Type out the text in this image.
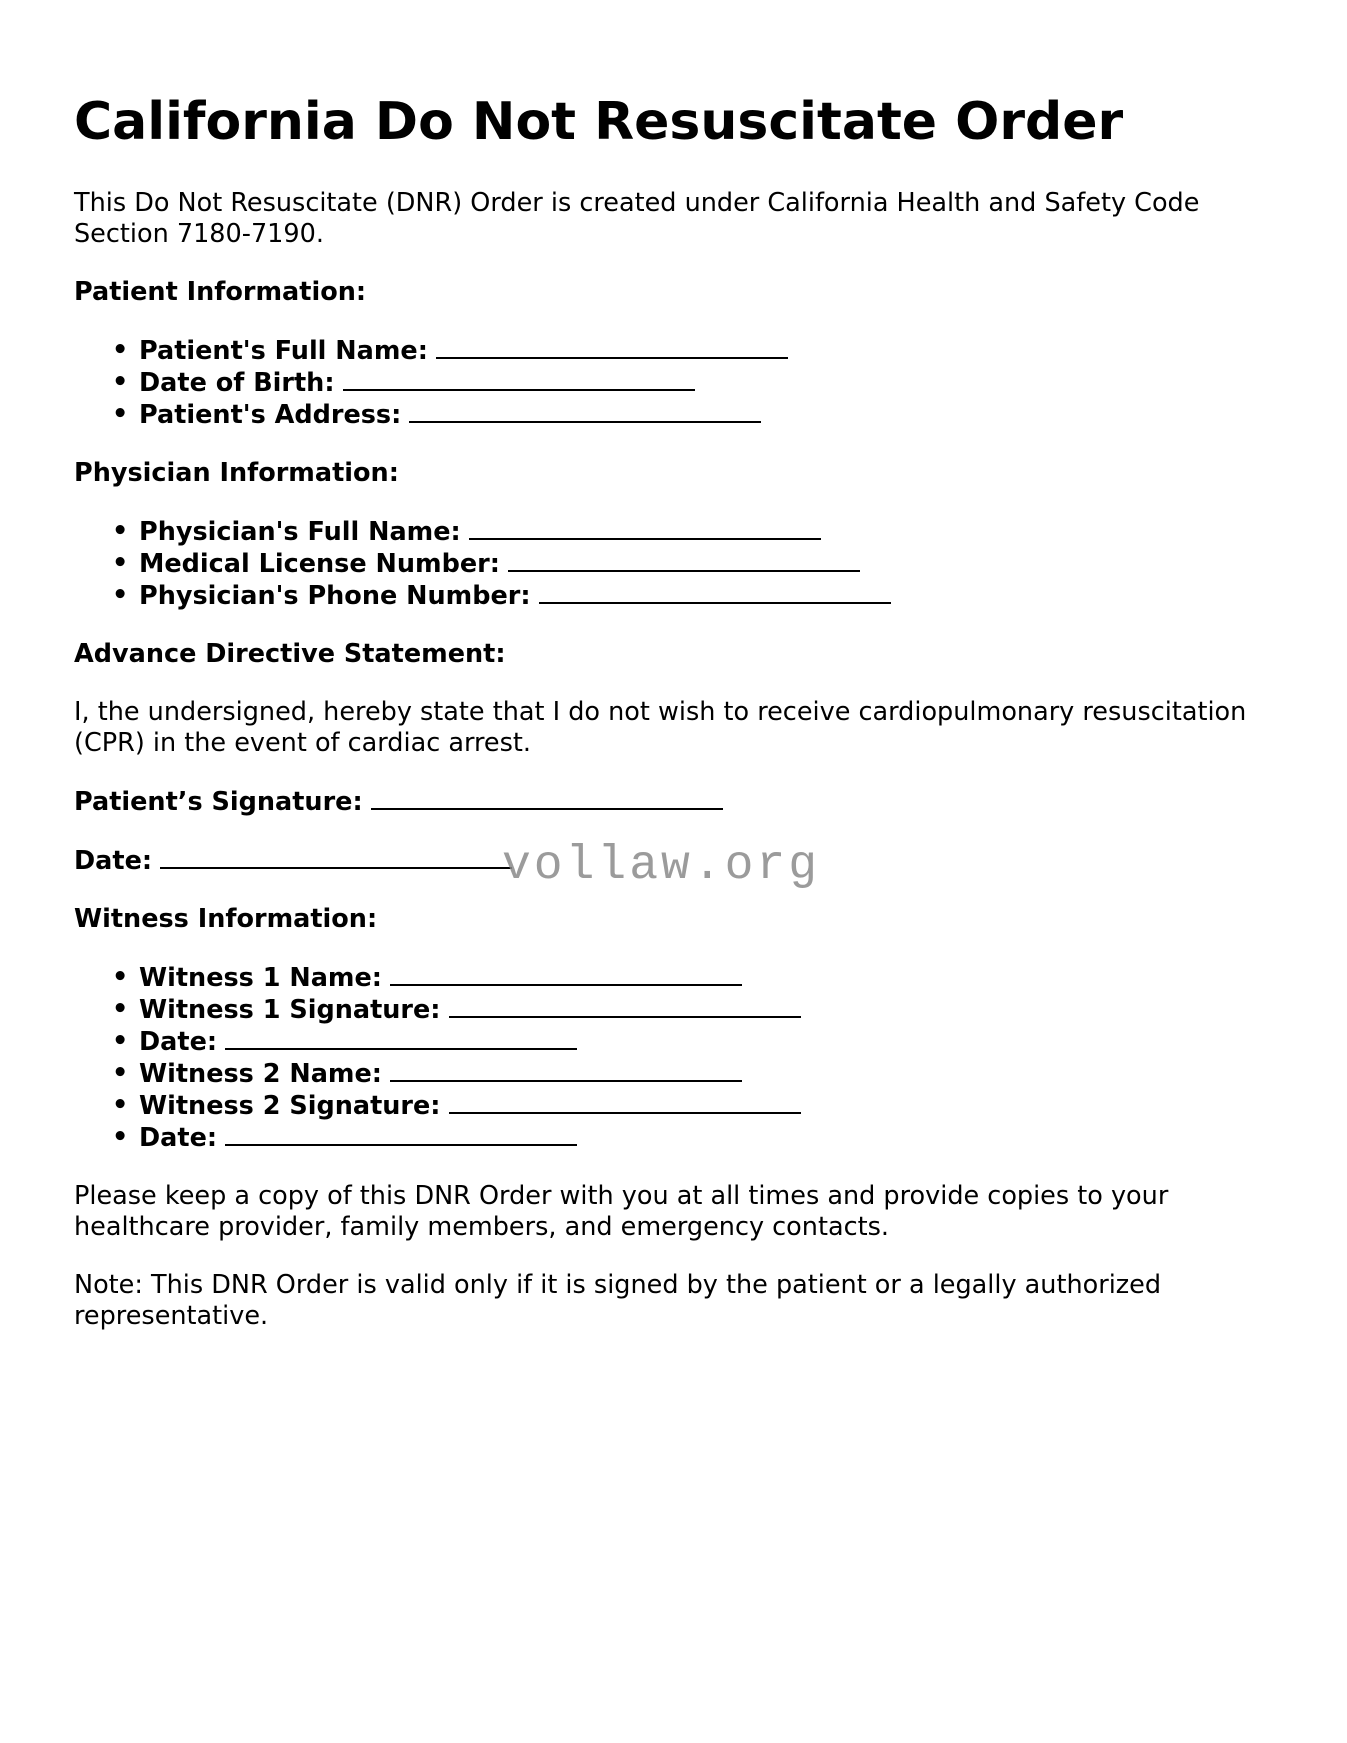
California Do Not Resuscitate Order

This Do Not Resuscitate (DNR) Order is created under California Health and Safety Code Section 7180-7190.

Patient Information:
• Patient's Full Name:
• Date of Birth:
• Patient's Address:
Physician Information:
• Physician's Full Name:
• Medical License Number:
• Physician's Phone Number:
Advance Directive Statement:

I, the undersigned, hereby state that I do not wish to receive cardiopulmonary resuscitation (CPR) in the event of cardiac arrest.

Patient’s Signature:
Date:
Witness Information:
• Witness 1 Name:
• Witness 1 Signature:
• Date:
• Witness 2 Name:
• Witness 2 Signature:
• Date:

Please keep a copy of this DNR Order with you at all times and provide copies to your healthcare provider, family members, and emergency contacts.

Note: This DNR Order is valid only if it is signed by the patient or a legally authorized representative.

vollaw.org
